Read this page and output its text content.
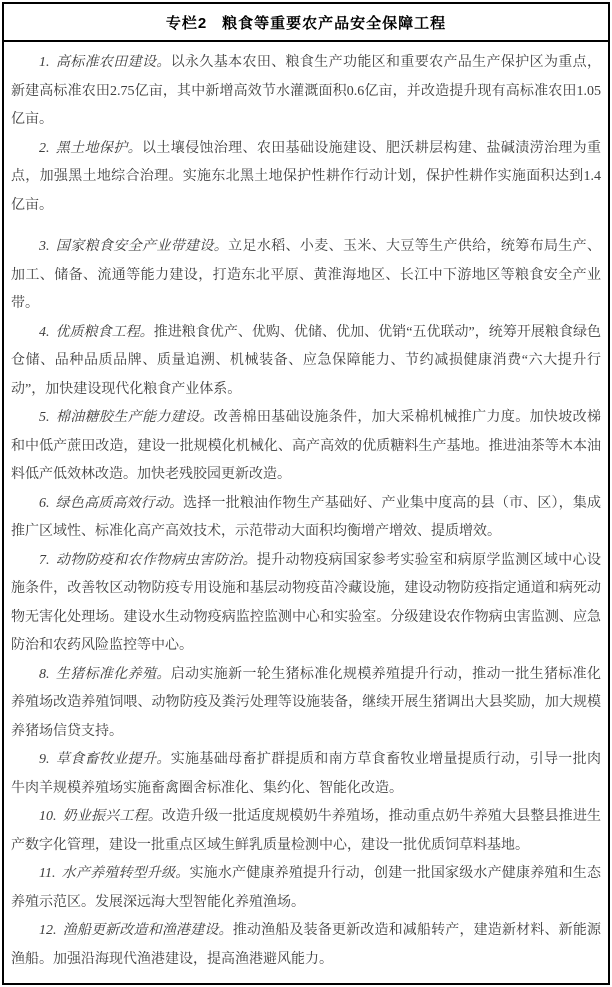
专栏2 粮食等重要农产品安全保障工程

1. 高标准农田建设。以永久基本农田、粮食生产功能区和重要农产品生产保护区为重点，新建高标准农田2.75亿亩，其中新增高效节水灌溉面积0.6亿亩，并改造提升现有高标准农田1.05亿亩。

2. 黑土地保护。以土壤侵蚀治理、农田基础设施建设、肥沃耕层构建、盐碱渍涝治理为重点，加强黑土地综合治理。实施东北黑土地保护性耕作行动计划，保护性耕作实施面积达到1.4亿亩。

3. 国家粮食安全产业带建设。立足水稻、小麦、玉米、大豆等生产供给，统筹布局生产、加工、储备、流通等能力建设，打造东北平原、黄淮海地区、长江中下游地区等粮食安全产业带。

4. 优质粮食工程。推进粮食优产、优购、优储、优加、优销“五优联动”，统筹开展粮食绿色仓储、品种品质品牌、质量追溯、机械装备、应急保障能力、节约减损健康消费“六大提升行动”，加快建设现代化粮食产业体系。

5. 棉油糖胶生产能力建设。改善棉田基础设施条件，加大采棉机械推广力度。加快坡改梯和中低产蔗田改造，建设一批规模化机械化、高产高效的优质糖料生产基地。推进油茶等木本油料低产低效林改造。加快老残胶园更新改造。

6. 绿色高质高效行动。选择一批粮油作物生产基础好、产业集中度高的县（市、区），集成推广区域性、标准化高产高效技术，示范带动大面积均衡增产增效、提质增效。

7. 动物防疫和农作物病虫害防治。提升动物疫病国家参考实验室和病原学监测区域中心设施条件，改善牧区动物防疫专用设施和基层动物疫苗冷藏设施，建设动物防疫指定通道和病死动物无害化处理场。建设水生动物疫病监控监测中心和实验室。分级建设农作物病虫害监测、应急防治和农药风险监控等中心。

8. 生猪标准化养殖。启动实施新一轮生猪标准化规模养殖提升行动，推动一批生猪标准化养殖场改造养殖饲喂、动物防疫及粪污处理等设施装备，继续开展生猪调出大县奖励，加大规模养猪场信贷支持。

9. 草食畜牧业提升。实施基础母畜扩群提质和南方草食畜牧业增量提质行动，引导一批肉牛肉羊规模养殖场实施畜禽圈舍标准化、集约化、智能化改造。

10. 奶业振兴工程。改造升级一批适度规模奶牛养殖场，推动重点奶牛养殖大县整县推进生产数字化管理，建设一批重点区域生鲜乳质量检测中心，建设一批优质饲草料基地。

11. 水产养殖转型升级。实施水产健康养殖提升行动，创建一批国家级水产健康养殖和生态养殖示范区。发展深远海大型智能化养殖渔场。

12. 渔船更新改造和渔港建设。推动渔船及装备更新改造和减船转产，建造新材料、新能源渔船。加强沿海现代渔港建设，提高渔港避风能力。
